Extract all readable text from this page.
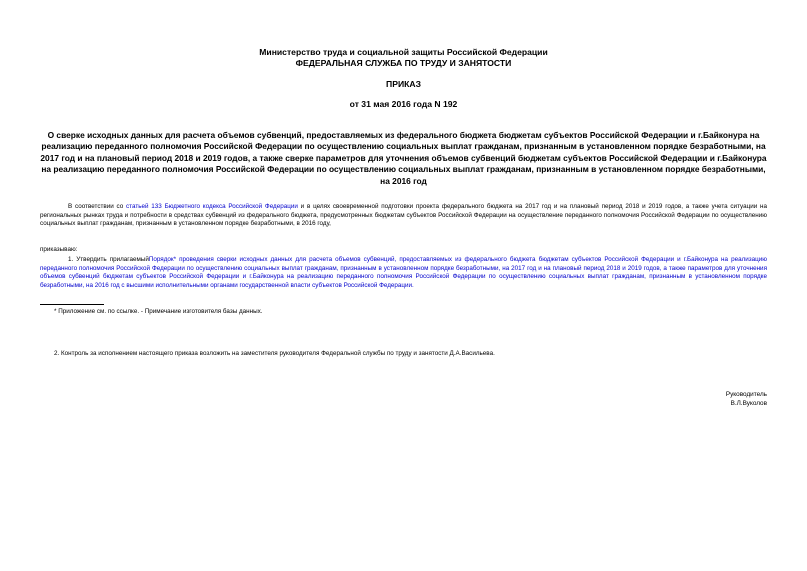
Министерство труда и социальной защиты Российской Федерации
ФЕДЕРАЛЬНАЯ СЛУЖБА ПО ТРУДУ И ЗАНЯТОСТИ
ПРИКАЗ
от 31 мая 2016 года N 192
О сверке исходных данных для расчета объемов субвенций, предоставляемых из федерального бюджета бюджетам субъектов Российской Федерации и г.Байконура на реализацию переданного полномочия Российской Федерации по осуществлению социальных выплат гражданам, признанным в установленном порядке безработными, на 2017 год и на плановый период 2018 и 2019 годов, а также сверке параметров для уточнения объемов субвенций бюджетам субъектов Российской Федерации и г.Байконура на реализацию переданного полномочия Российской Федерации по осуществлению социальных выплат гражданам, признанным в установленном порядке безработными, на 2016 год
В соответствии со статьей 133 Бюджетного кодекса Российской Федерации и в целях своевременной подготовки проекта федерального бюджета на 2017 год и на плановый период 2018 и 2019 годов, а также учета ситуации на региональных рынках труда и потребности в средствах субвенций из федерального бюджета, предусмотренных бюджетам субъектов Российской Федерации на осуществление переданного полномочия Российской Федерации по осуществлению социальных выплат гражданам, признанным в установленном порядке безработными, в 2016 году,
приказываю:
1. Утвердить прилагаемыйПорядок* проведения сверки исходных данных для расчета объемов субвенций, предоставляемых из федерального бюджета бюджетам субъектов Российской Федерации и г.Байконура на реализацию переданного полномочия Российской Федерации по осуществлению социальных выплат гражданам, признанным в установленном порядке безработными, на 2017 год и на плановый период 2018 и 2019 годов, а также параметров для уточнения объемов субвенций бюджетам субъектов Российской Федерации и г.Байконура на реализацию переданного полномочия Российской Федерации по осуществлению социальных выплат гражданам, признанным в установленном порядке безработными, на 2016 год с высшими исполнительными органами государственной власти субъектов Российской Федерации.
* Приложение см. по ссылке. - Примечание изготовителя базы данных.
2. Контроль за исполнением настоящего приказа возложить на заместителя руководителя Федеральной службы по труду и занятости Д.А.Васильева.
Руководитель
В.Л.Вуколов
